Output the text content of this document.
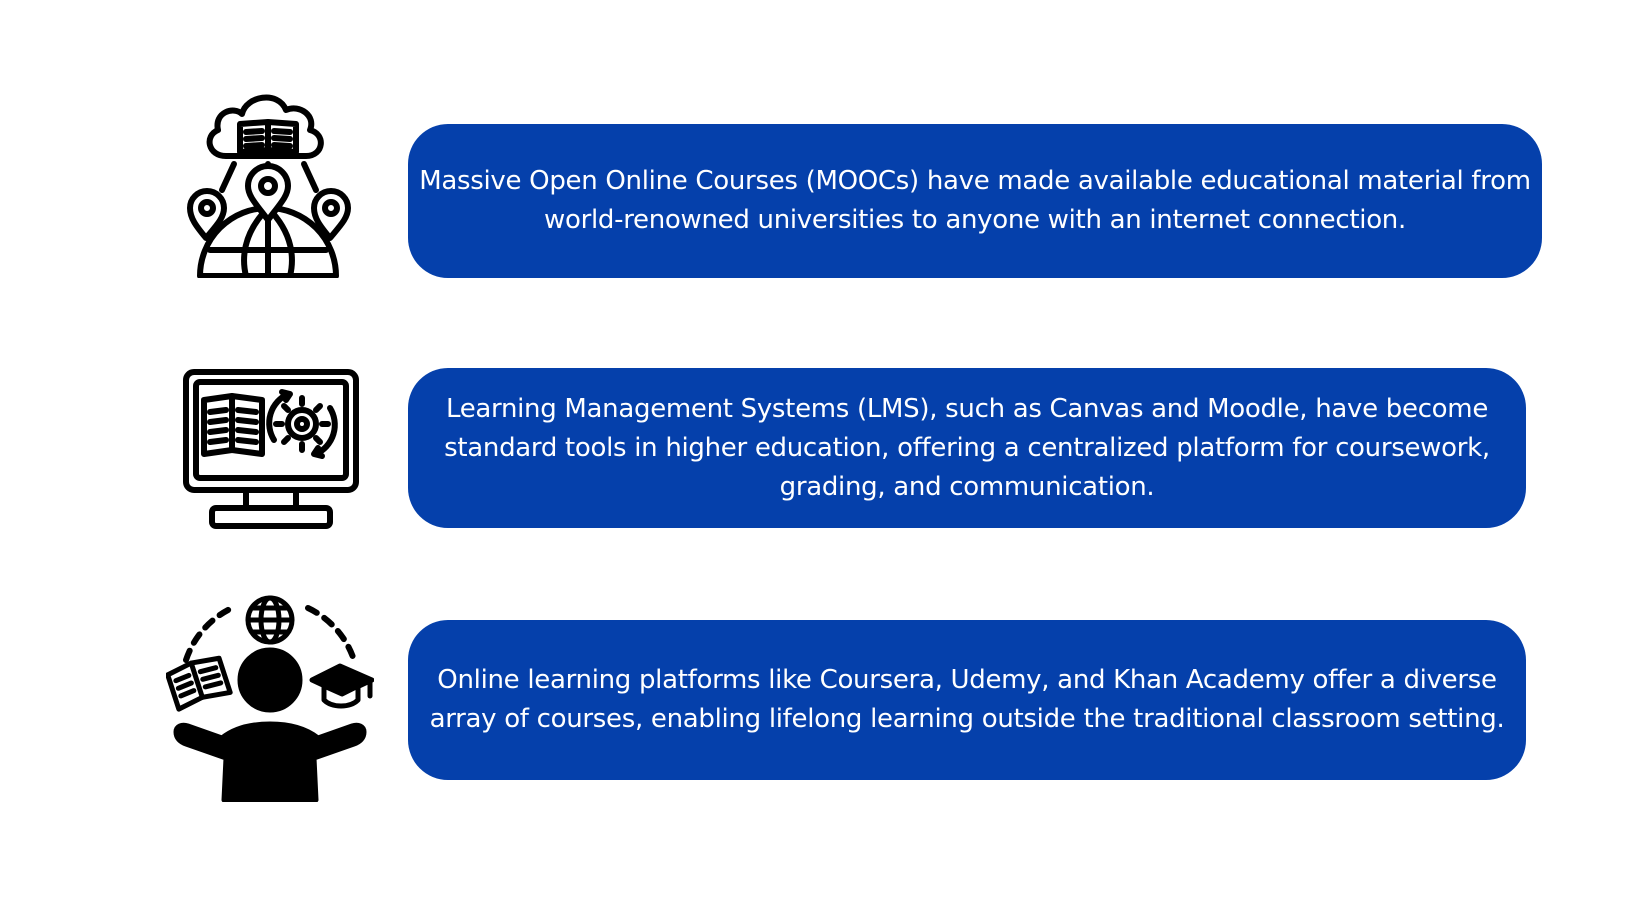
Massive Open Online Courses (MOOCs) have made available educational material from world-renowned universities to anyone with an internet connection.

Learning Management Systems (LMS), such as Canvas and Moodle, have become standard tools in higher education, offering a centralized platform for coursework, grading, and communication.

Online learning platforms like Coursera, Udemy, and Khan Academy offer a diverse array of courses, enabling lifelong learning outside the traditional classroom setting.
